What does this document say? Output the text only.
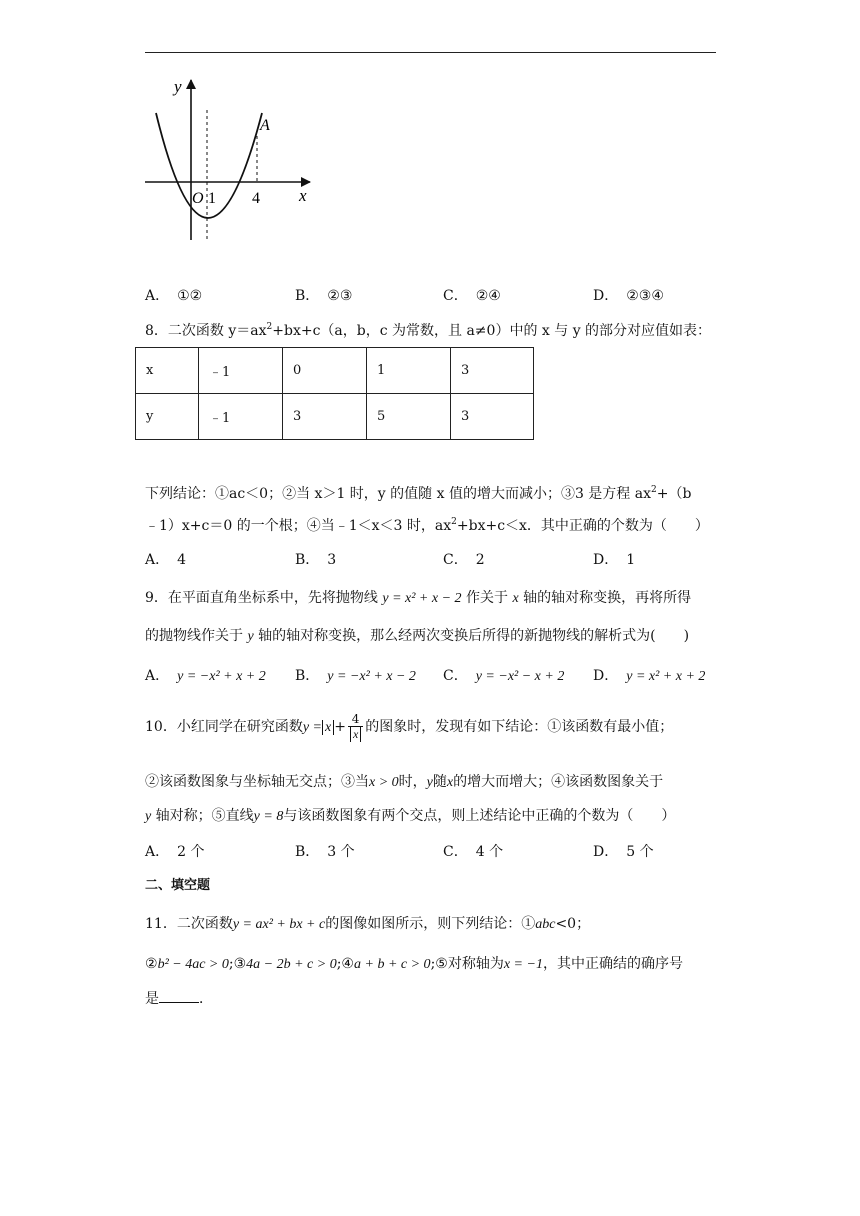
y
x
O 1 4
A
A． ①②	B． ②③	C． ②④	D． ②③④
8．二次函数 $y=ax^2+bx+c(a$，b，c 为常数，且 a≠0）中的 x 与 y 的部分对应值如表：
x	﹣1	0	1	3
y	﹣1	3	5	3
下列结论：①ac＜0；②当 x＞1 时，y 的值随 x 值的增大而减小；③3 是方程 $ax^2+(b$
﹣1）x+c＝0 的一个根；④当﹣1＜x＜3 时，$ax^2+bx+c<x$．其中正确的个数为（　　）
A． 4	B． 3	C． 2	D． 1
9．在平面直角坐标系中，先将抛物线 y = x² + x − 2 作关于 x 轴的轴对称变换，再将所得
的抛物线作关于 y 轴的轴对称变换，那么经两次变换后所得的新抛物线的解析式为(　　)
A． y = −x² + x + 2 B． y = −x² + x − 2 C． y = −x² − x + 2 D． y = x² + x + 2
10．小红同学在研究函数$y = x + \frac{4}{x}$ 的图象时，发现有如下结论：①该函数有最小值；
②该函数图象与坐标轴无交点；③当x > 0时，y随x的增大而增大；④该函数图象关于
y 轴对称；⑤直线y = 8与该函数图象有两个交点，则上述结论中正确的个数为（　　）
A． 2 个	B． 3 个	C． 4 个	D． 5 个
二、填空题
11．二次函数y = ax² + bx + c的图像如图所示，则下列结论：①abc<0；
②b² − 4ac > 0;③4a − 2b + c > 0;④a + b + c > 0;⑤对称轴为x = −1，其中正确结的确序号
是	．
